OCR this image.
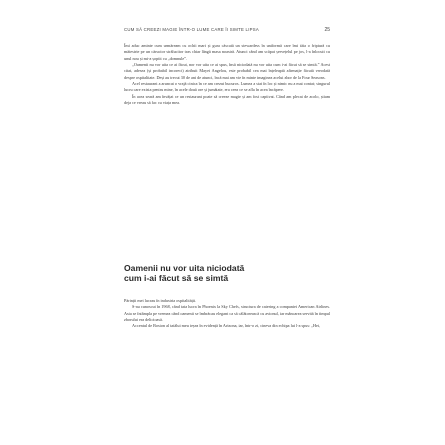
CUM SĂ CREEZI MAGIE ÎNTR-O LUME CARE ÎI SIMTE LIPSA	25

Îmi aduc aminte cum urmăream cu ochii mari și gura căscată un stewardess în uniformă care îmi tăia o friptură cu măiestrie pe un cărucior strălucitor tras chiar lângă masa noastră. Atunci când am scăpat șervețelul pe jos, l-a înlocuit cu unul nou și mi-a șoptit cu „domnule”.

„Oamenii nu vor uita ce ai făcut, nor vor uita ce ai spus, însă niciodată nu vor uita cum i-ai făcut să se simtă.” Acest citat, adesea (și probabil incorect) atribuit Mayei Angelou, este probabil cea mai înțeleaptă afirmație făcută vreodată despre ospitalitate. Deși au trecut 30 de ani de atunci, încă mai am vie în minte imaginea acelui zbor de la Four Seasons.

Acel restaurant a aruncat o vrajă cinica în ce am crezut bucuros. Lumea a stat în loc și nimic nu a mai contat; singurul lucru care exista pentru mine, în acele două ore și jumătate, era ceea ce se afla în acea încăpere.

În acea seară am învățat ce un restaurant poate să creeze magie și am fost captivat. Când am plecat de acolo, știam deja ce vreau să fac cu viața mea.

Oamenii nu vor uita niciodată
cum i-ai făcut să se simtă

Părinții mei lucrau în industria ospitalității.

S-au cunoscut în 1968, când tata lucra în Phoenix la Sky Chefs, structura de catering a companiei American Airlines. Asta se întâmpla pe vremea când oamenii se îmbrăcau elegant ca să călătorească cu avionul, iar mâncarea servită în timpul zborului era delicioasă.

Accentul de Boston al tatălui meu ieșea în evidență în Arizona, iar, într-o zi, cineva din echipa lui l-a spus: „Hei,
